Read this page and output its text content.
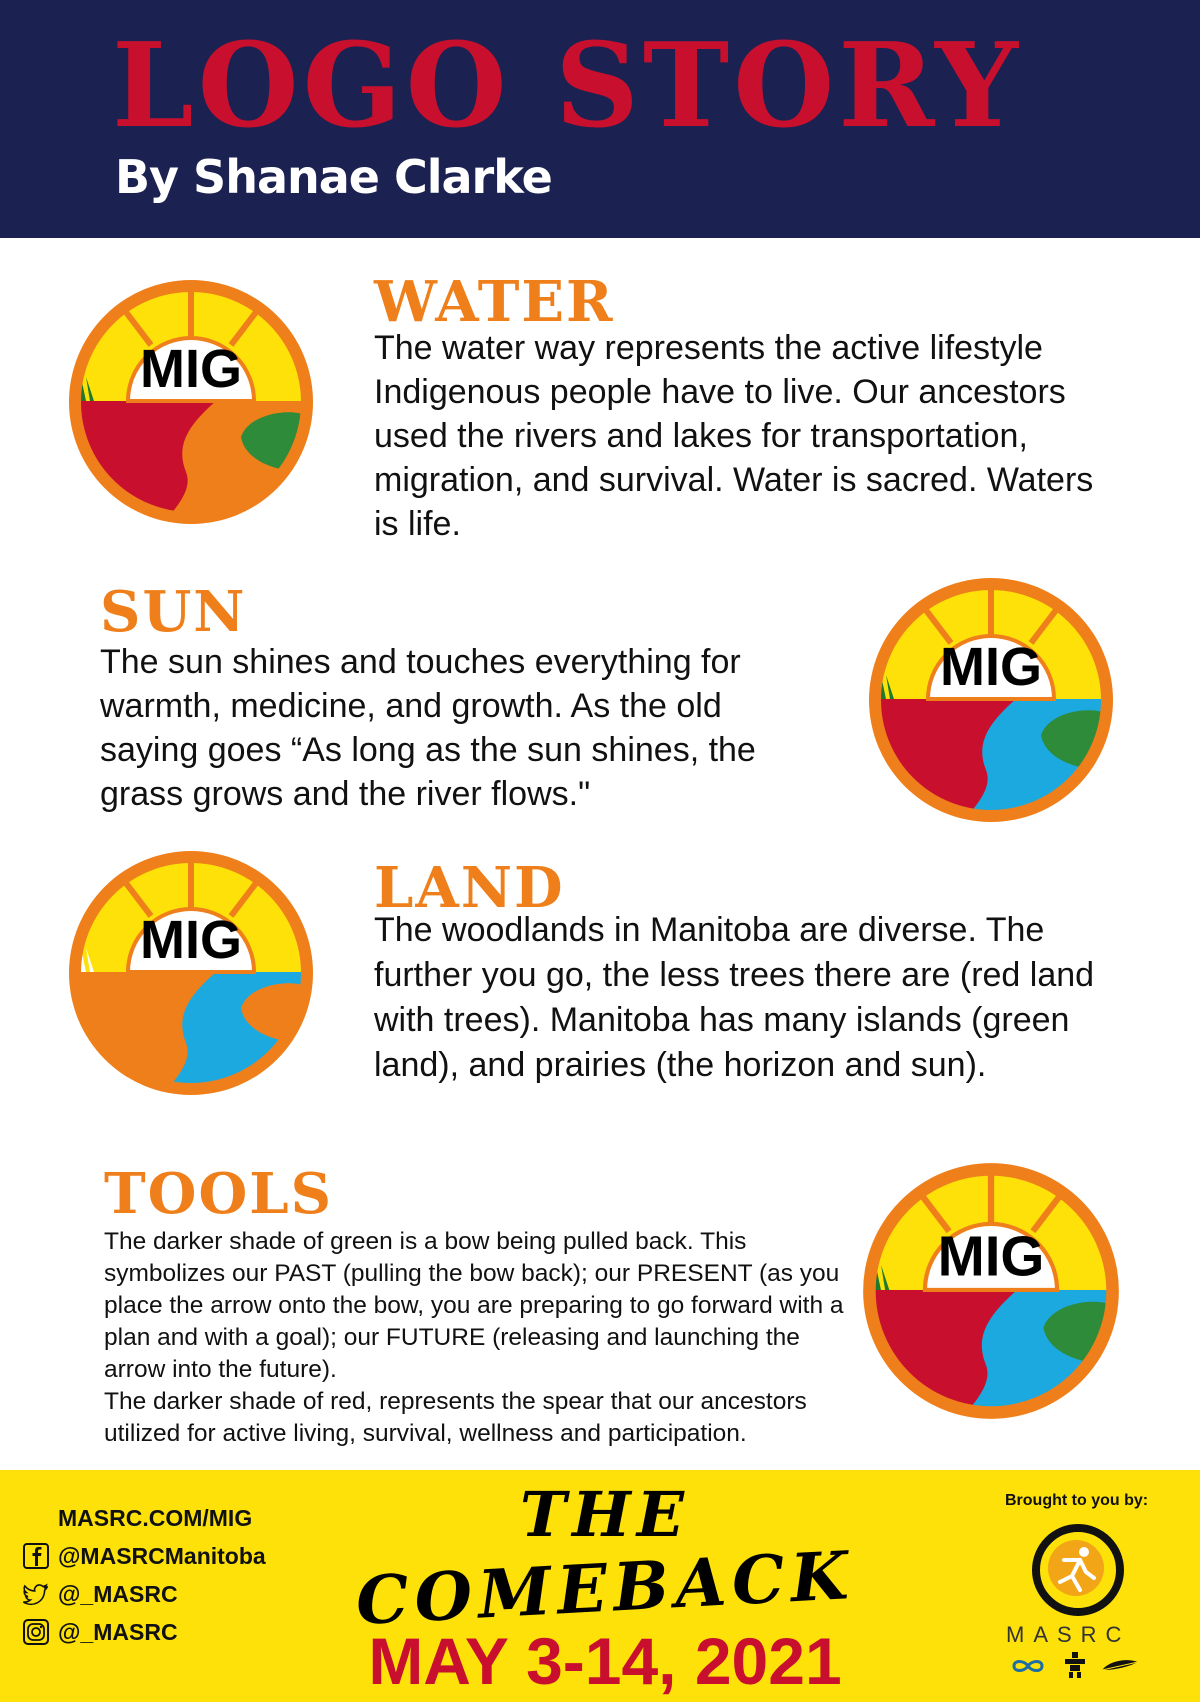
LOGO STORY

By Shanae Clarke

MIG
WATER

The water way represents the active lifestyle Indigenous people have to live. Our ancestors used the rivers and lakes for transportation, migration, and survival. Water is sacred. Waters is life.

SUN

The sun shines and touches everything for warmth, medicine, and growth. As the old saying goes “As long as the sun shines, the grass grows and the river flows."

MIG
MIG
LAND

The woodlands in Manitoba are diverse. The further you go, the less trees there are (red land with trees). Manitoba has many islands (green land), and prairies (the horizon and sun).

TOOLS

The darker shade of green is a bow being pulled back. This symbolizes our PAST (pulling the bow back); our PRESENT (as you place the arrow onto the bow, you are preparing to go forward with a plan and with a goal); our FUTURE (releasing and launching the arrow into the future).

The darker shade of red, represents the spear that our ancestors utilized for active living, survival, wellness and participation.

MIG
MASRC.COM/MIG
@MASRCManitoba
@_MASRC
@_MASRC

THE

COMEBACK

MAY 3-14, 2021

Brought to you by:

MASRC
